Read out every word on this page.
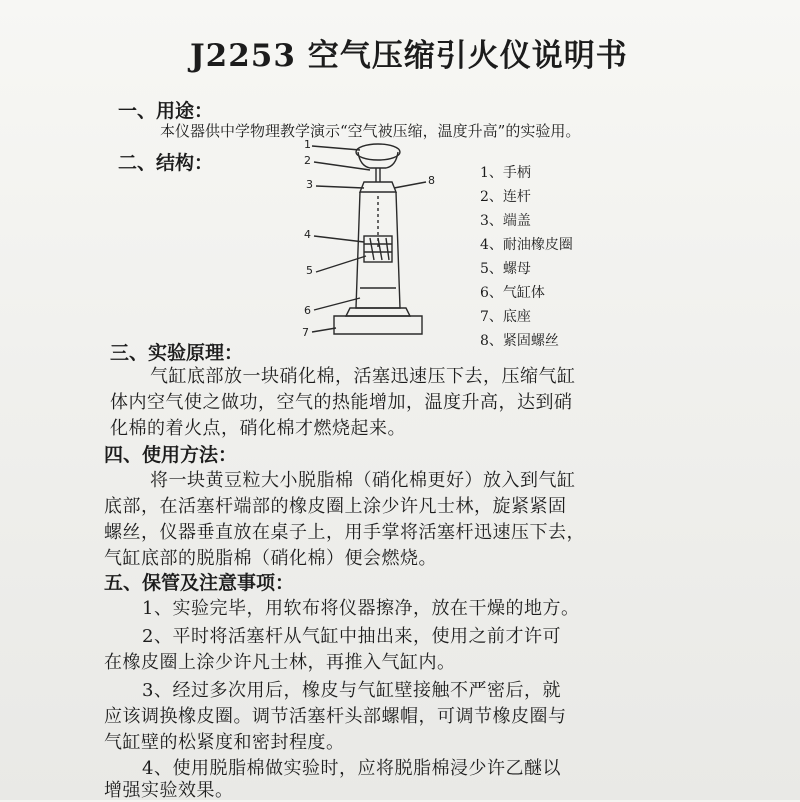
J2253 空气压缩引火仪说明书
一、用途：
本仪器供中学物理教学演示“空气被压缩，温度升高”的实验用。
二、结构：
1
2
3
4
5
6
7
8	1、手柄
2、连杆
3、端盖
4、耐油橡皮圈
5、螺母
6、气缸体
7、底座
8、紧固螺丝
三、实验原理：
气缸底部放一块硝化棉，活塞迅速压下去，压缩气缸
体内空气使之做功，空气的热能增加，温度升高，达到硝
化棉的着火点，硝化棉才燃烧起来。
四、使用方法：
将一块黄豆粒大小脱脂棉（硝化棉更好）放入到气缸
底部，在活塞杆端部的橡皮圈上涂少许凡士林，旋紧紧固
螺丝，仪器垂直放在桌子上，用手掌将活塞杆迅速压下去，
气缸底部的脱脂棉（硝化棉）便会燃烧。
五、保管及注意事项：
1、实验完毕，用软布将仪器擦净，放在干燥的地方。
2、平时将活塞杆从气缸中抽出来，使用之前才许可
在橡皮圈上涂少许凡士林，再推入气缸内。
3、经过多次用后，橡皮与气缸壁接触不严密后，就
应该调换橡皮圈。调节活塞杆头部螺帽，可调节橡皮圈与
气缸壁的松紧度和密封程度。
4、使用脱脂棉做实验时，应将脱脂棉浸少许乙醚以
增强实验效果。
